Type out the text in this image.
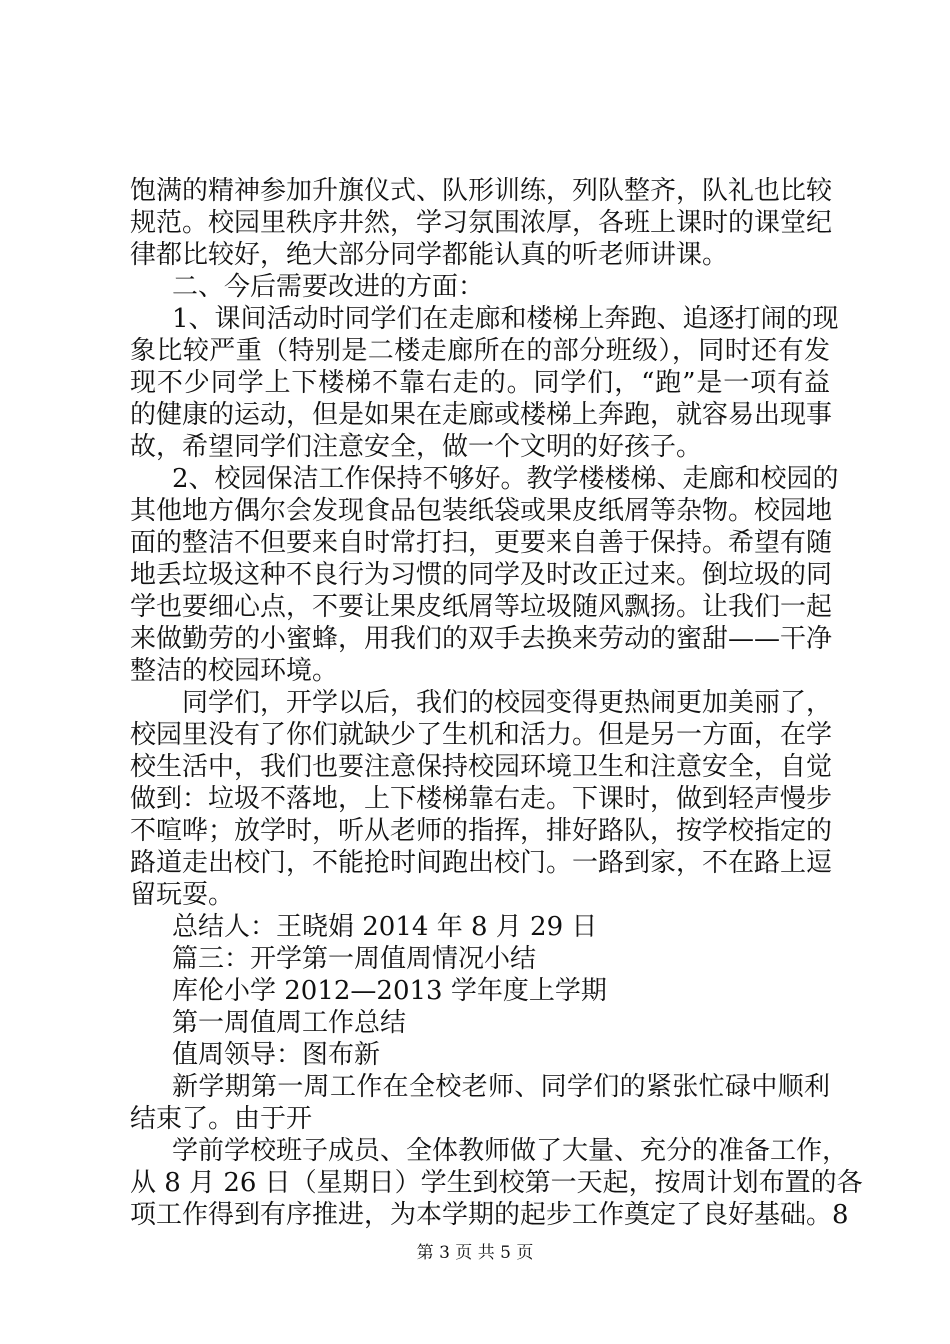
饱满的精神参加升旗仪式、队形训练，列队整齐，队礼也比较
规范。校园里秩序井然，学习氛围浓厚，各班上课时的课堂纪
律都比较好，绝大部分同学都能认真的听老师讲课。
二、今后需要改进的方面：
1、课间活动时同学们在走廊和楼梯上奔跑、追逐打闹的现
象比较严重（特别是二楼走廊所在的部分班级），同时还有发
现不少同学上下楼梯不靠右走的。同学们，“跑”是一项有益
的健康的运动，但是如果在走廊或楼梯上奔跑，就容易出现事
故，希望同学们注意安全，做一个文明的好孩子。
2、校园保洁工作保持不够好。教学楼楼梯、走廊和校园的
其他地方偶尔会发现食品包装纸袋或果皮纸屑等杂物。校园地
面的整洁不但要来自时常打扫，更要来自善于保持。希望有随
地丢垃圾这种不良行为习惯的同学及时改正过来。倒垃圾的同
学也要细心点，不要让果皮纸屑等垃圾随风飘扬。让我们一起
来做勤劳的小蜜蜂，用我们的双手去换来劳动的蜜甜——干净
整洁的校园环境。
同学们，开学以后，我们的校园变得更热闹更加美丽了，
校园里没有了你们就缺少了生机和活力。但是另一方面，在学
校生活中，我们也要注意保持校园环境卫生和注意安全，自觉
做到：垃圾不落地，上下楼梯靠右走。下课时，做到轻声慢步
不喧哗；放学时，听从老师的指挥，排好路队，按学校指定的
路道走出校门，不能抢时间跑出校门。一路到家，不在路上逗
留玩耍。
总结人：王晓娟 2014 年 8 月 29 日
篇三：开学第一周值周情况小结
库伦小学 2012—2013 学年度上学期
第一周值周工作总结
值周领导：图布新
新学期第一周工作在全校老师、同学们的紧张忙碌中顺利
结束了。由于开
学前学校班子成员、全体教师做了大量、充分的准备工作，
从 8 月 26 日（星期日）学生到校第一天起，按周计划布置的各
项工作得到有序推进，为本学期的起步工作奠定了良好基础。8
第 3 页 共 5 页
